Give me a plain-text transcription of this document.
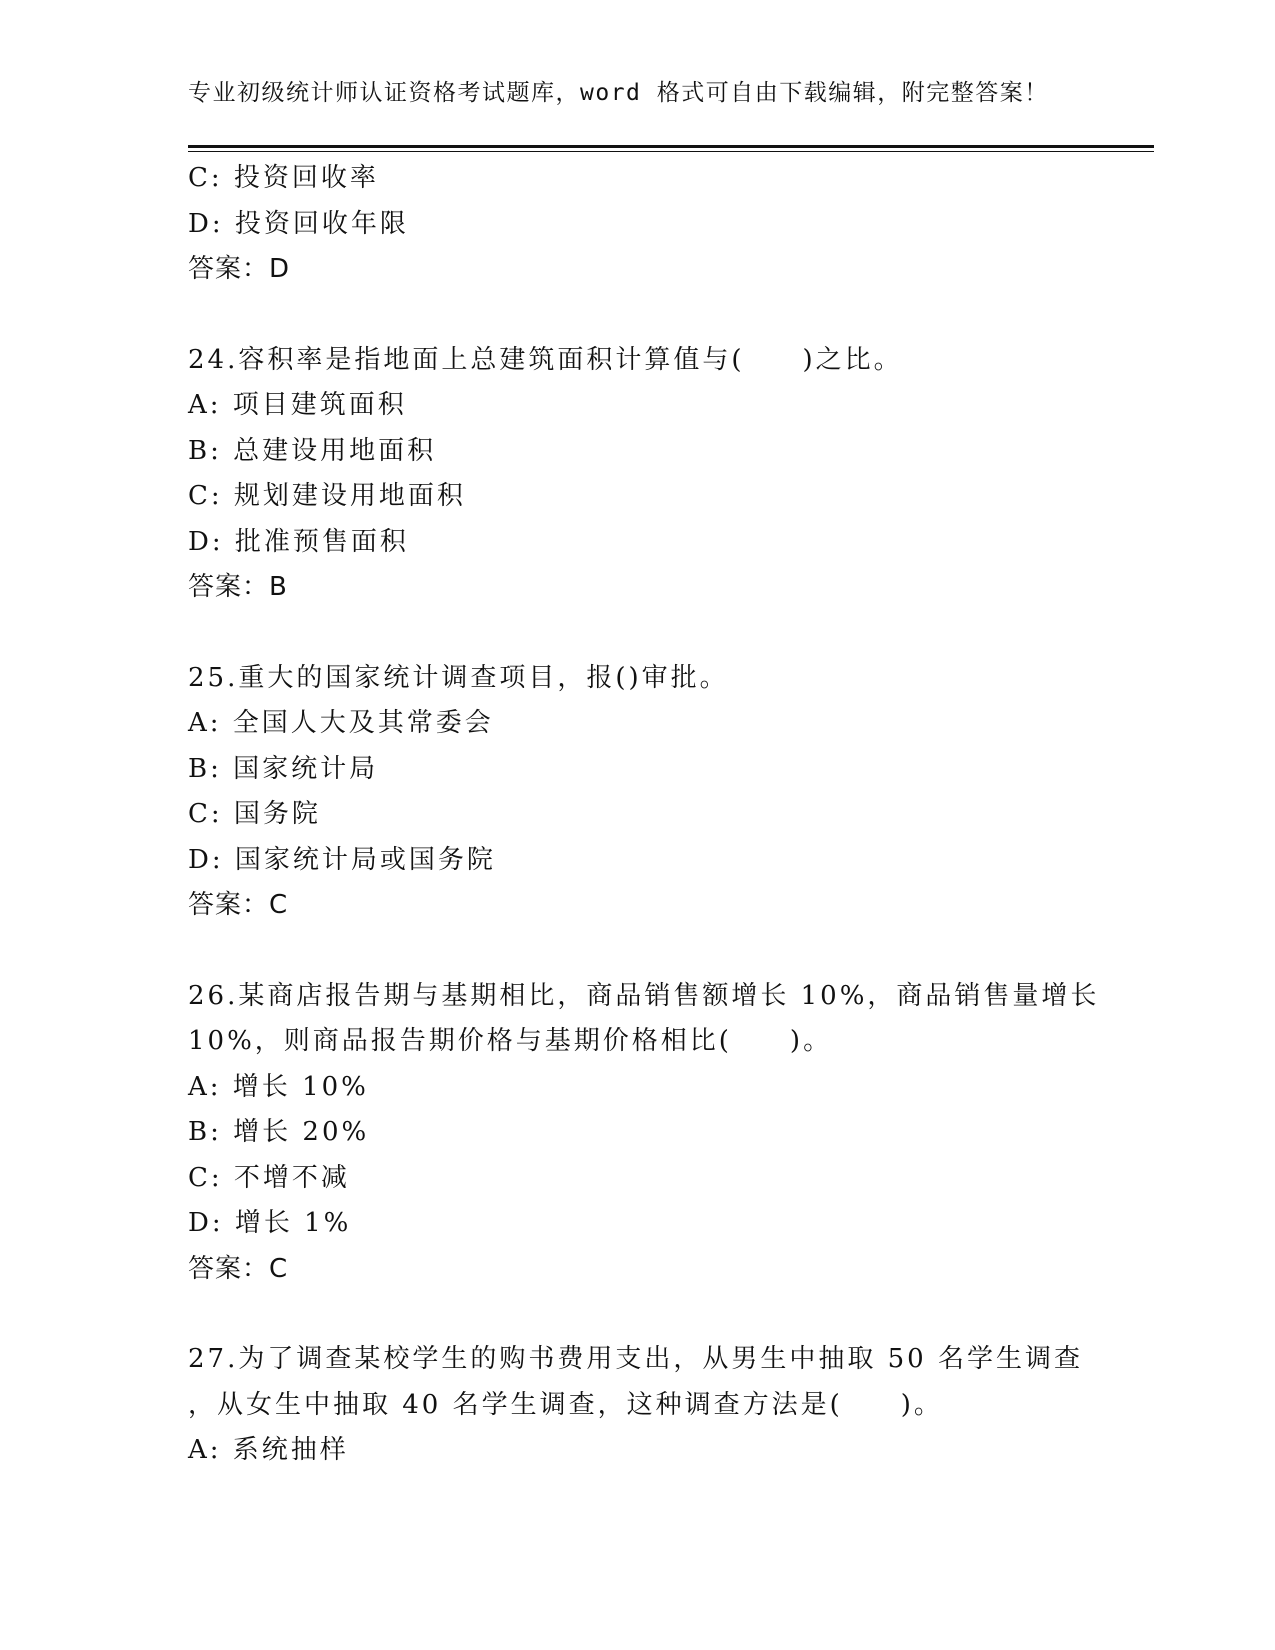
专业初级统计师认证资格考试题库，word 格式可自由下载编辑，附完整答案！
C: 投资回收率
D: 投资回收年限
答案：D
24.容积率是指地面上总建筑面积计算值与(　　)之比。
A: 项目建筑面积
B: 总建设用地面积
C: 规划建设用地面积
D: 批准预售面积
答案：B
25.重大的国家统计调查项目，报()审批。
A: 全国人大及其常委会
B: 国家统计局
C: 国务院
D: 国家统计局或国务院
答案：C
26.某商店报告期与基期相比，商品销售额增长 10%，商品销售量增长
10%，则商品报告期价格与基期价格相比(　　)。
A: 增长 10%
B: 增长 20%
C: 不增不减
D: 增长 1%
答案：C
27.为了调查某校学生的购书费用支出，从男生中抽取 50 名学生调查
，从女生中抽取 40 名学生调查，这种调查方法是(　　)。
A: 系统抽样
